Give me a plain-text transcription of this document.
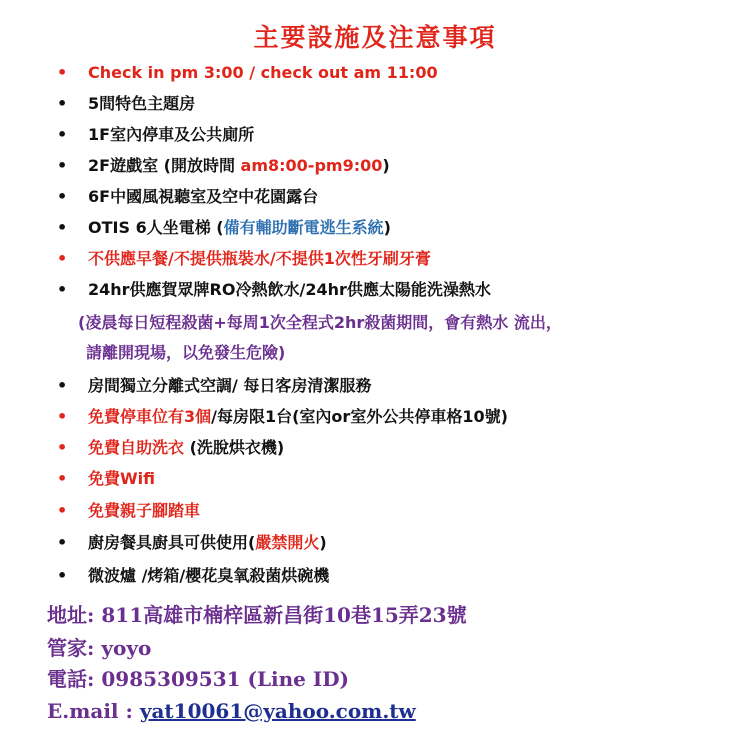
主要設施及注意事項
• Check in pm 3:00 / check out am 11:00
• 5間特色主題房
• 1F室內停車及公共廁所
• 2F遊戲室 (開放時間 am8:00-pm9:00)
• 6F中國風視聽室及空中花園露台
• OTIS 6人坐電梯 (備有輔助斷電逃生系統)
• 不供應早餐/不提供瓶裝水/不提供1次性牙刷牙膏
• 24hr供應賀眾牌RO冷熱飲水/24hr供應太陽能洗澡熱水
(凌晨每日短程殺菌+每周1次全程式2hr殺菌期間，會有熱水 流出，
請離開現場，以免發生危險)
• 房間獨立分離式空調/ 每日客房清潔服務
• 免費停車位有3個/每房限1台(室內or室外公共停車格10號)
• 免費自助洗衣 (洗脫烘衣機)
• 免費Wifi
• 免費親子腳踏車
• 廚房餐具廚具可供使用(嚴禁開火)
• 微波爐 /烤箱/櫻花臭氧殺菌烘碗機
地址: 811高雄市楠梓區新昌街10巷15弄23號
管家: yoyo
電話: 0985309531 (Line ID)
E.mail : yat10061@yahoo.com.tw
